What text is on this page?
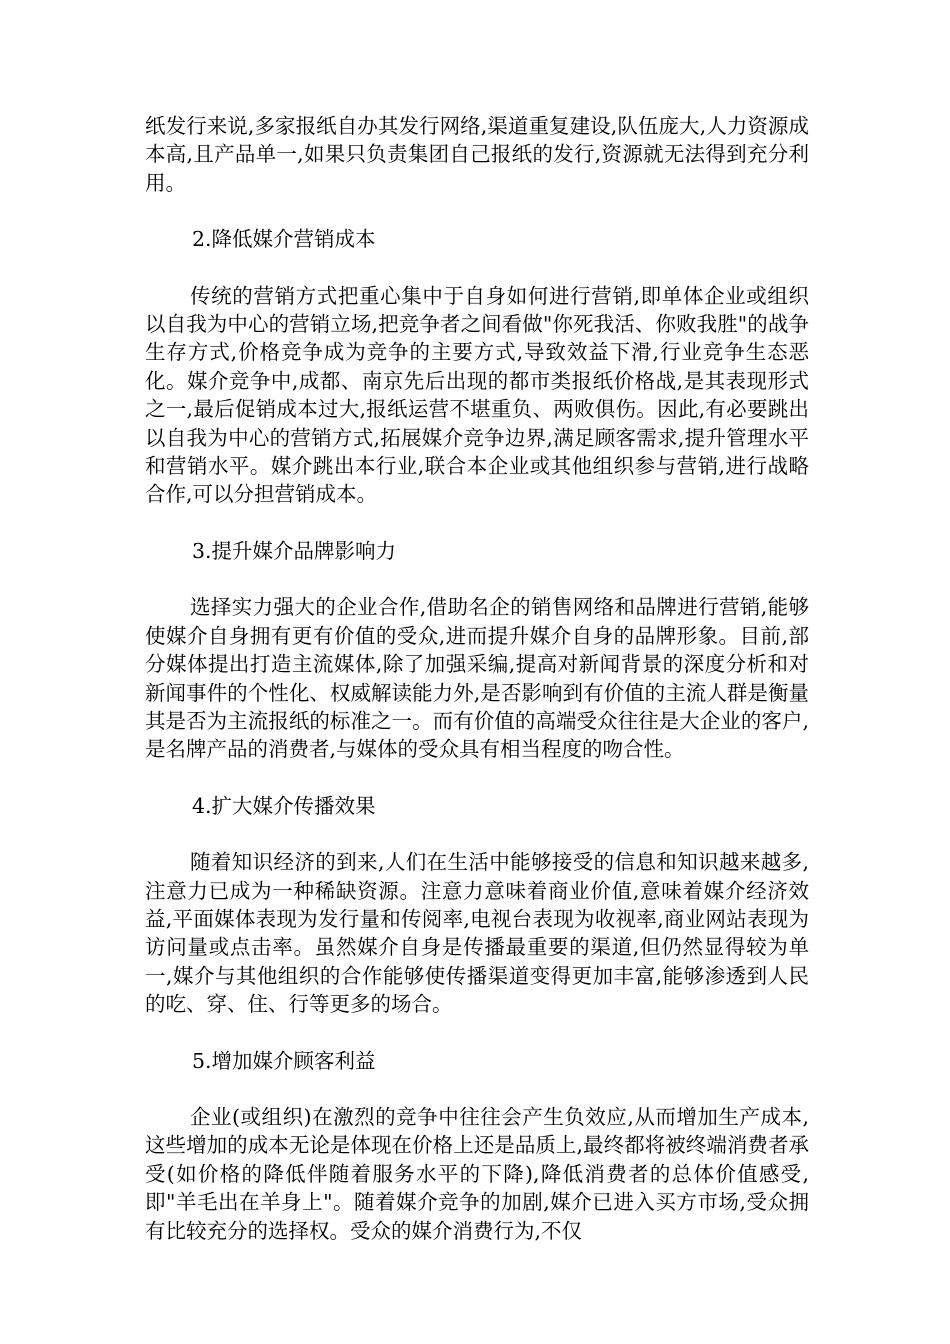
纸发行来说,多家报纸自办其发行网络,渠道重复建设,队伍庞大,人力资源成本高,且产品单一,如果只负责集团自己报纸的发行,资源就无法得到充分利用。

2.降低媒介营销成本

传统的营销方式把重心集中于自身如何进行营销,即单体企业或组织以自我为中心的营销立场,把竞争者之间看做"你死我活、你败我胜"的战争生存方式,价格竞争成为竞争的主要方式,导致效益下滑,行业竞争生态恶化。媒介竞争中,成都、南京先后出现的都市类报纸价格战,是其表现形式之一,最后促销成本过大,报纸运营不堪重负、两败俱伤。因此,有必要跳出以自我为中心的营销方式,拓展媒介竞争边界,满足顾客需求,提升管理水平和营销水平。媒介跳出本行业,联合本企业或其他组织参与营销,进行战略合作,可以分担营销成本。

3.提升媒介品牌影响力

选择实力强大的企业合作,借助名企的销售网络和品牌进行营销,能够使媒介自身拥有更有价值的受众,进而提升媒介自身的品牌形象。目前,部分媒体提出打造主流媒体,除了加强采编,提高对新闻背景的深度分析和对新闻事件的个性化、权威解读能力外,是否影响到有价值的主流人群是衡量其是否为主流报纸的标准之一。而有价值的高端受众往往是大企业的客户,是名牌产品的消费者,与媒体的受众具有相当程度的吻合性。

4.扩大媒介传播效果

随着知识经济的到来,人们在生活中能够接受的信息和知识越来越多,注意力已成为一种稀缺资源。注意力意味着商业价值,意味着媒介经济效益,平面媒体表现为发行量和传阅率,电视台表现为收视率,商业网站表现为访问量或点击率。虽然媒介自身是传播最重要的渠道,但仍然显得较为单一,媒介与其他组织的合作能够使传播渠道变得更加丰富,能够渗透到人民的吃、穿、住、行等更多的场合。

5.增加媒介顾客利益

企业(或组织)在激烈的竞争中往往会产生负效应,从而增加生产成本,这些增加的成本无论是体现在价格上还是品质上,最终都将被终端消费者承受(如价格的降低伴随着服务水平的下降),降低消费者的总体价值感受,即"羊毛出在羊身上"。随着媒介竞争的加剧,媒介已进入买方市场,受众拥有比较充分的选择权。受众的媒介消费行为,不仅
